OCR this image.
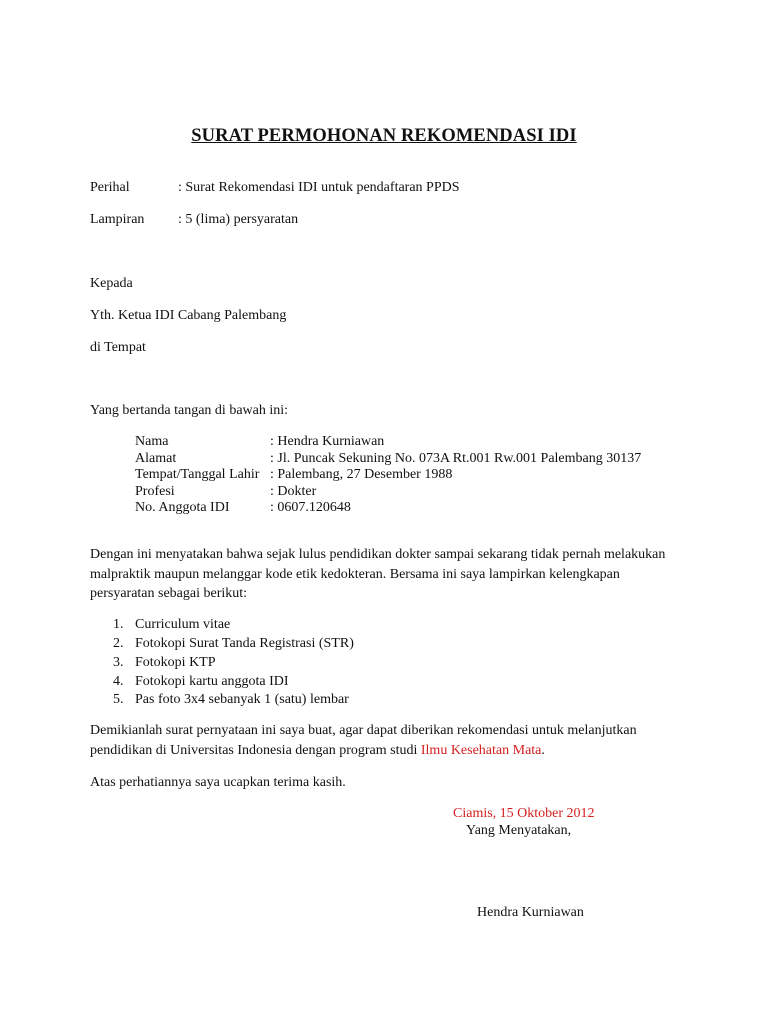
SURAT PERMOHONAN REKOMENDASI IDI
Perihal	: Surat Rekomendasi IDI untuk pendaftaran PPDS
Lampiran : 5 (lima) persyaratan
Kepada
Yth. Ketua IDI Cabang Palembang
di Tempat
Yang bertanda tangan di bawah ini:
Nama	: Hendra Kurniawan
Alamat	: Jl. Puncak Sekuning No. 073A Rt.001 Rw.001 Palembang 30137
Tempat/Tanggal Lahir : Palembang, 27 Desember 1988
Profesi	: Dokter
No. Anggota IDI	: 0607.120648
Dengan ini menyatakan bahwa sejak lulus pendidikan dokter sampai sekarang tidak pernah melakukan
malpraktik maupun melanggar kode etik kedokteran. Bersama ini saya lampirkan kelengkapan
persyaratan sebagai berikut:
1. Curriculum vitae
2. Fotokopi Surat Tanda Registrasi (STR)
3. Fotokopi KTP
4. Fotokopi kartu anggota IDI
5. Pas foto 3x4 sebanyak 1 (satu) lembar
Demikianlah surat pernyataan ini saya buat, agar dapat diberikan rekomendasi untuk melanjutkan
pendidikan di Universitas Indonesia dengan program studi Ilmu Kesehatan Mata.
Atas perhatiannya saya ucapkan terima kasih.
Ciamis, 15 Oktober 2012
Yang Menyatakan,
Hendra Kurniawan
